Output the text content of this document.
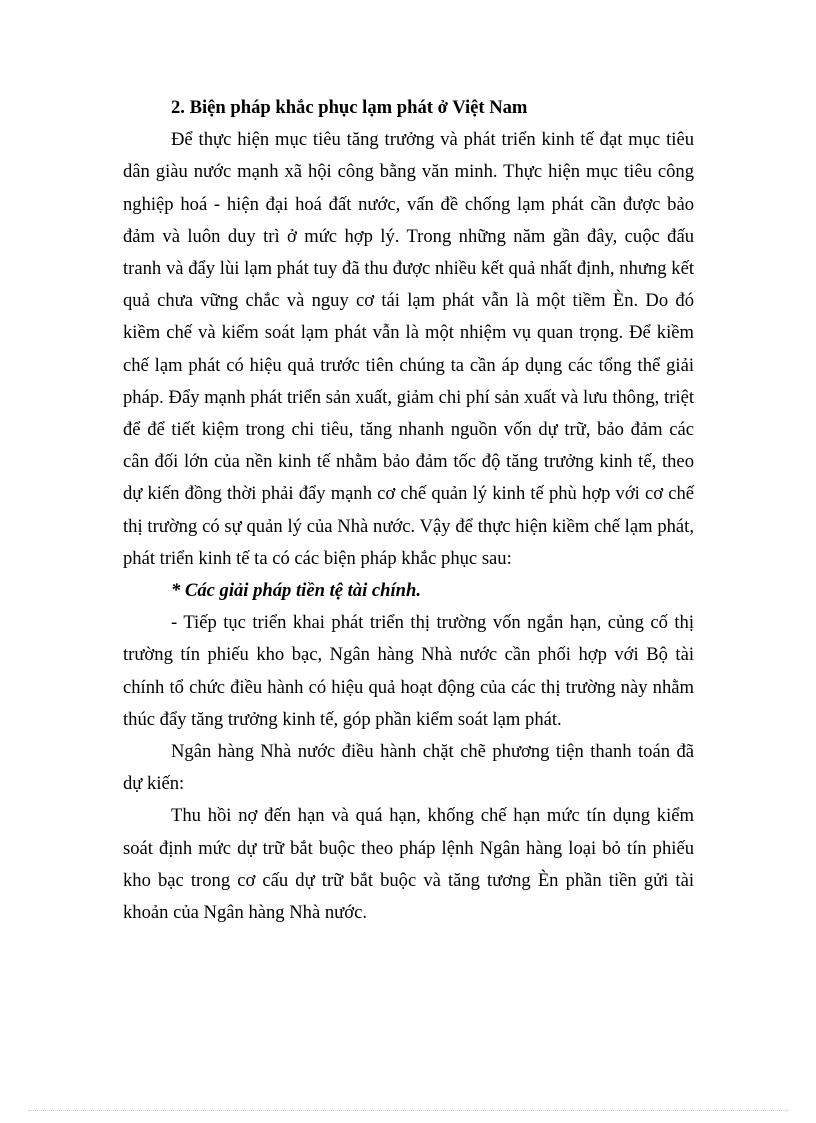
2. Biện pháp khắc phục lạm phát ở Việt Nam

Để thực hiện mục tiêu tăng trưởng và phát triển kinh tế đạt mục tiêu dân giàu nước mạnh xã hội công bằng văn minh. Thực hiện mục tiêu công nghiệp hoá - hiện đại hoá đất nước, vấn đề chống lạm phát cần được bảo đảm và luôn duy trì ở mức hợp lý. Trong những năm gần đây, cuộc đấu tranh và đẩy lùi lạm phát tuy đã thu được nhiều kết quả nhất định, nhưng kết quả chưa vững chắc và nguy cơ tái lạm phát vẫn là một tiềm Èn. Do đó kiềm chế và kiểm soát lạm phát vẫn là một nhiệm vụ quan trọng. Để kiềm chế lạm phát có hiệu quả trước tiên chúng ta cần áp dụng các tổng thể giải pháp. Đẩy mạnh phát triển sản xuất, giảm chi phí sản xuất và lưu thông, triệt để để tiết kiệm trong chi tiêu, tăng nhanh nguồn vốn dự trữ, bảo đảm các cân đối lớn của nền kinh tế nhằm bảo đảm tốc độ tăng trưởng kinh tế, theo dự kiến đồng thời phải đẩy mạnh cơ chế quản lý kinh tế phù hợp với cơ chế thị trường có sự quản lý của Nhà nước. Vậy để thực hiện kiềm chế lạm phát, phát triển kinh tế ta có các biện pháp khắc phục sau:

* Các giải pháp tiền tệ tài chính.

- Tiếp tục triển khai phát triển thị trường vốn ngắn hạn, củng cố thị trường tín phiếu kho bạc, Ngân hàng Nhà nước cần phối hợp với Bộ tài chính tổ chức điều hành có hiệu quả hoạt động của các thị trường này nhằm thúc đẩy tăng trưởng kinh tế, góp phần kiểm soát lạm phát.

Ngân hàng Nhà nước điều hành chặt chẽ phương tiện thanh toán đã dự kiến:

Thu hồi nợ đến hạn và quá hạn, khống chế hạn mức tín dụng kiểm soát định mức dự trữ bắt buộc theo pháp lệnh Ngân hàng loại bỏ tín phiếu kho bạc trong cơ cấu dự trữ bắt buộc và tăng tương Èn phần tiền gửi tài khoản của Ngân hàng Nhà nước.
